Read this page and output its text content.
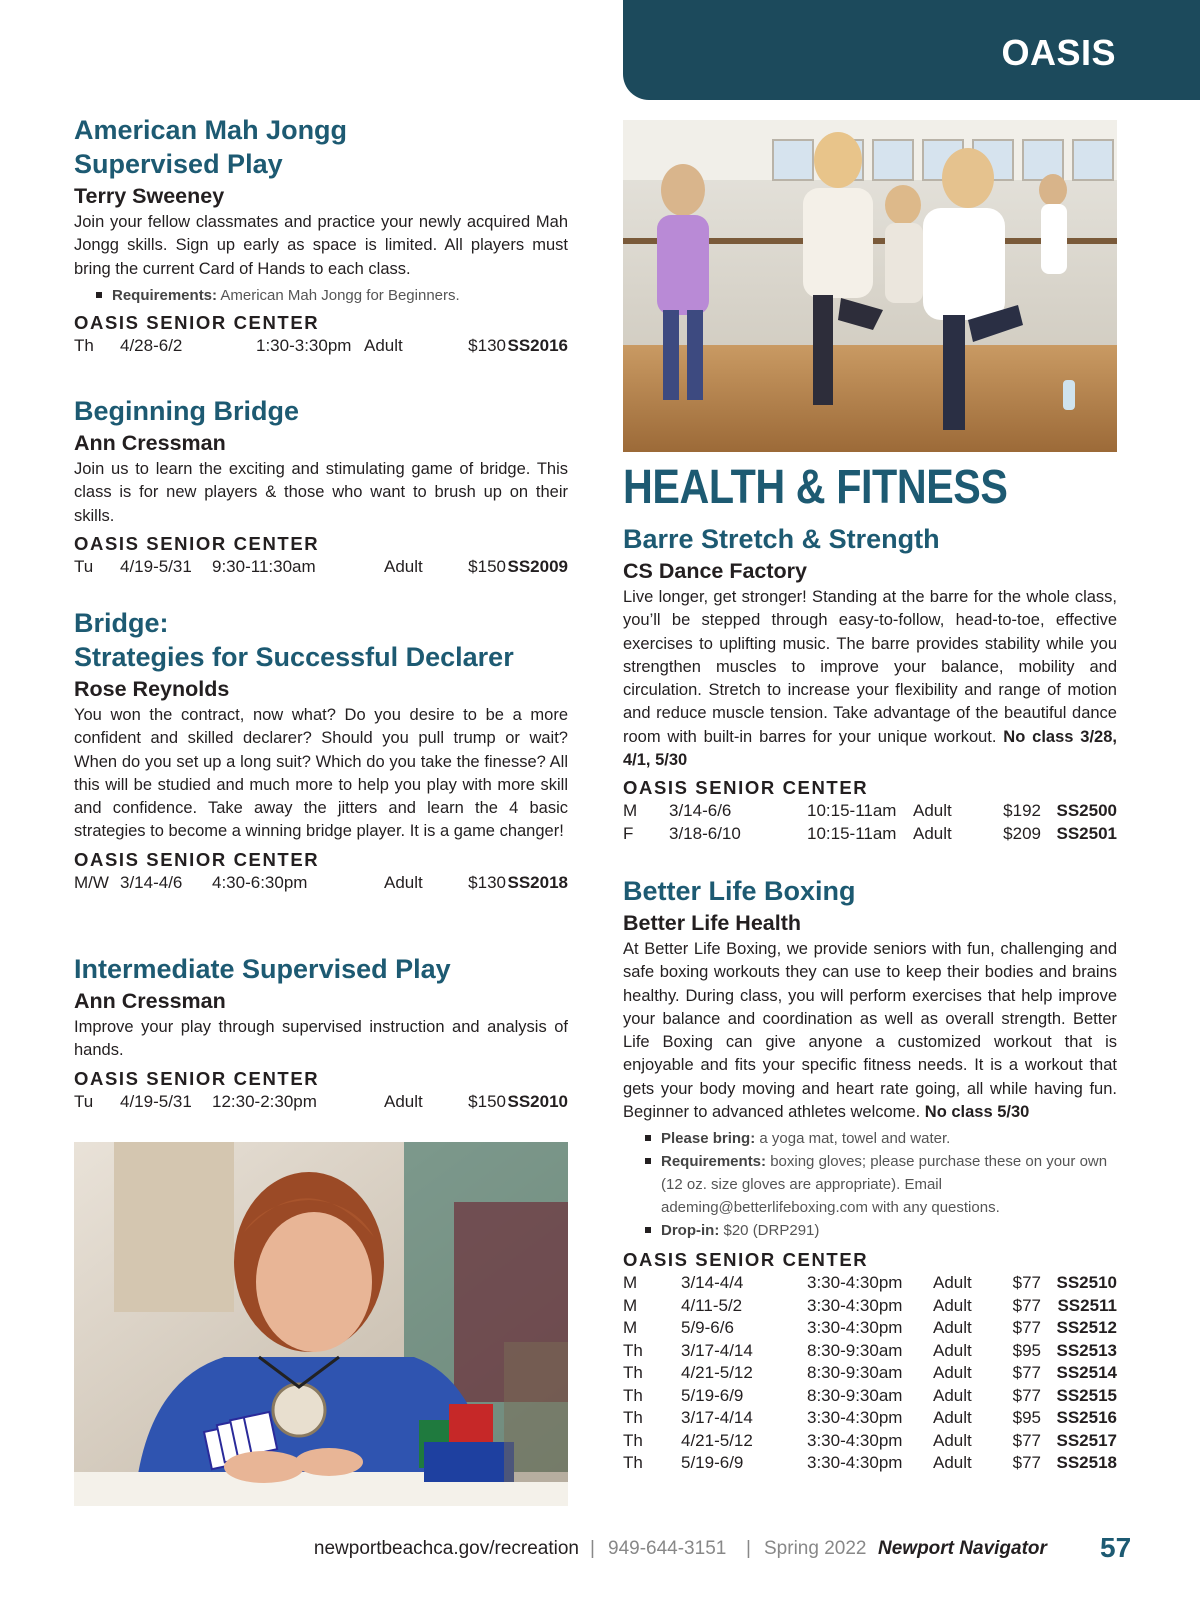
OASIS
American Mah Jongg
Supervised Play
Terry Sweeney

Join your fellow classmates and practice your newly acquired Mah Jongg skills. Sign up early as space is limited. All players must bring the current Card of Hands to each class.

Requirements: American Mah Jongg for Beginners.
OASIS SENIOR CENTER
Th 4/28-6/2	1:30-3:30pm Adult	$130 SS2016
Beginning Bridge
Ann Cressman

Join us to learn the exciting and stimulating game of bridge. This class is for new players & those who want to brush up on their skills.

OASIS SENIOR CENTER
Tu 4/19-5/31 9:30-11:30am	Adult	$150 SS2009
Bridge:
Strategies for Successful Declarer
Rose Reynolds

You won the contract, now what? Do you desire to be a more confident and skilled declarer? Should you pull trump or wait? When do you set up a long suit? Which do you take the finesse? All this will be studied and much more to help you play with more skill and confidence. Take away the jitters and learn the 4 basic strategies to become a winning bridge player. It is a game changer!

OASIS SENIOR CENTER
M/W 3/14-4/6 4:30-6:30pm	Adult	$130 SS2018
Intermediate Supervised Play
Ann Cressman

Improve your play through supervised instruction and analysis of hands.

OASIS SENIOR CENTER
Tu 4/19-5/31 12:30-2:30pm	Adult	$150 SS2010
HEALTH & FITNESS
Barre Stretch & Strength
CS Dance Factory

Live longer, get stronger! Standing at the barre for the whole class, you’ll be stepped through easy-to-follow, head-to-toe, effective exercises to uplifting music. The barre provides stability while you strengthen muscles to improve your balance, mobility and circulation. Stretch to increase your flexibility and range of motion and reduce muscle tension. Take advantage of the beautiful dance room with built-in barres for your unique workout. No class 3/28, 4/1, 5/30

OASIS SENIOR CENTER
M 3/14-6/6	10:15-11am Adult	$192 SS2500
F 3/18-6/10	10:15-11am Adult	$209 SS2501
Better Life Boxing
Better Life Health

At Better Life Boxing, we provide seniors with fun, challenging and safe boxing workouts they can use to keep their bodies and brains healthy. During class, you will perform exercises that help improve your balance and coordination as well as overall strength. Better Life Boxing can give anyone a customized workout that is enjoyable and fits your specific fitness needs. It is a workout that gets your body moving and heart rate going, all while having fun. Beginner to advanced athletes welcome. No class 5/30

Please bring: a yoga mat, towel and water.
Requirements: boxing gloves; please purchase these on your own (12 oz. size gloves are appropriate). Email ademing@betterlifeboxing.com with any questions.
Drop-in: $20 (DRP291)
OASIS SENIOR CENTER
M	3/14-4/4	3:30-4:30pm Adult $77 SS2510
M	4/11-5/2	3:30-4:30pm Adult $77 SS2511
M	5/9-6/6	3:30-4:30pm Adult $77 SS2512
Th 3/17-4/14	8:30-9:30am Adult $95 SS2513
Th 4/21-5/12	8:30-9:30am Adult $77 SS2514
Th 5/19-6/9	8:30-9:30am Adult $77 SS2515
Th 3/17-4/14	3:30-4:30pm Adult $95 SS2516
Th 4/21-5/12	3:30-4:30pm Adult $77 SS2517
Th 5/19-6/9	3:30-4:30pm Adult $77 SS2518
newportbeachca.gov/recreation | 949-644-3151 | Spring 2022 Newport Navigator 57
